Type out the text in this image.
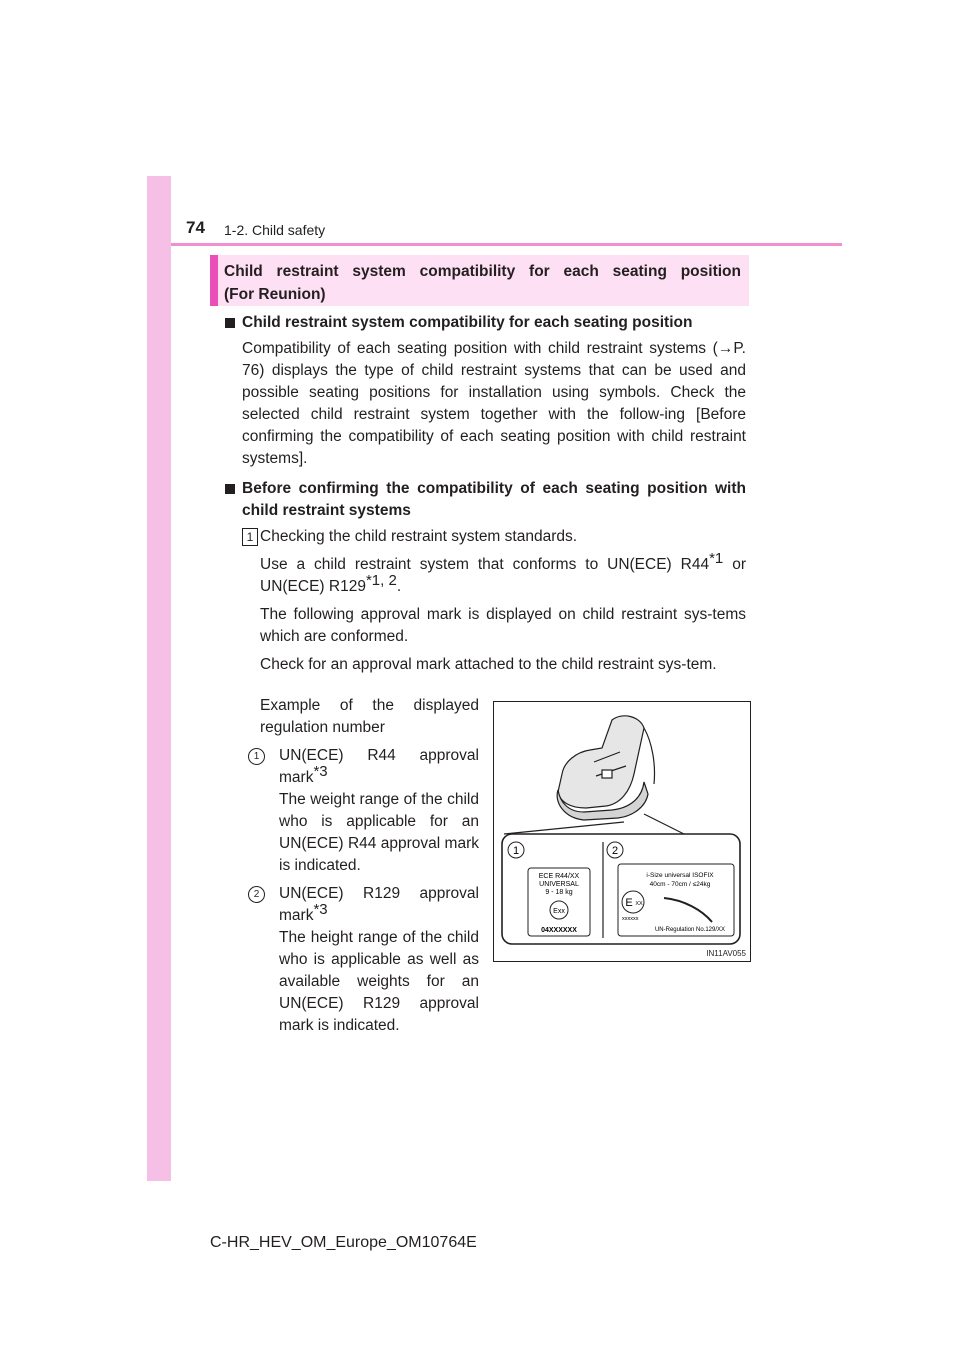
74 1-2. Child safety
Child restraint system compatibility for each seating position
(For Reunion)
Child restraint system compatibility for each seating position
Compatibility of each seating position with child restraint systems (→P. 76) displays the type of child restraint systems that can be used and possible seating positions for installation using symbols. Check the selected child restraint system together with the follow-ing [Before confirming the compatibility of each seating position with child restraint systems].
Before confirming the compatibility of each seating position with child restraint systems
1 Checking the child restraint system standards.
Use a child restraint system that conforms to UN(ECE) R44$^{*1}$ or UN(ECE) R129$^{*1, 2}$.
The following approval mark is displayed on child restraint sys-tems which are conformed.
Check for an approval mark attached to the child restraint sys-tem.
Example of the displayed regulation number
1	UN(ECE) R44 approval mark$^{*3}$
The weight range of the child who is applicable for an UN(ECE) R44 approval mark is indicated.
2	UN(ECE) R129 approval mark$^{*3}$
The height range of the child who is applicable as well as available weights for an UN(ECE) R129 approval mark is indicated.
1	2
ECE R44/XX
UNIVERSAL
9 - 18 kg
Exx
04XXXXXX
i-Size universal ISOFIX
40cm - 70cm / ≤24kg
E XX
xxxxxx
UN-Regulation No.129/XX
IN11AV055
C-HR_HEV_OM_Europe_OM10764E
